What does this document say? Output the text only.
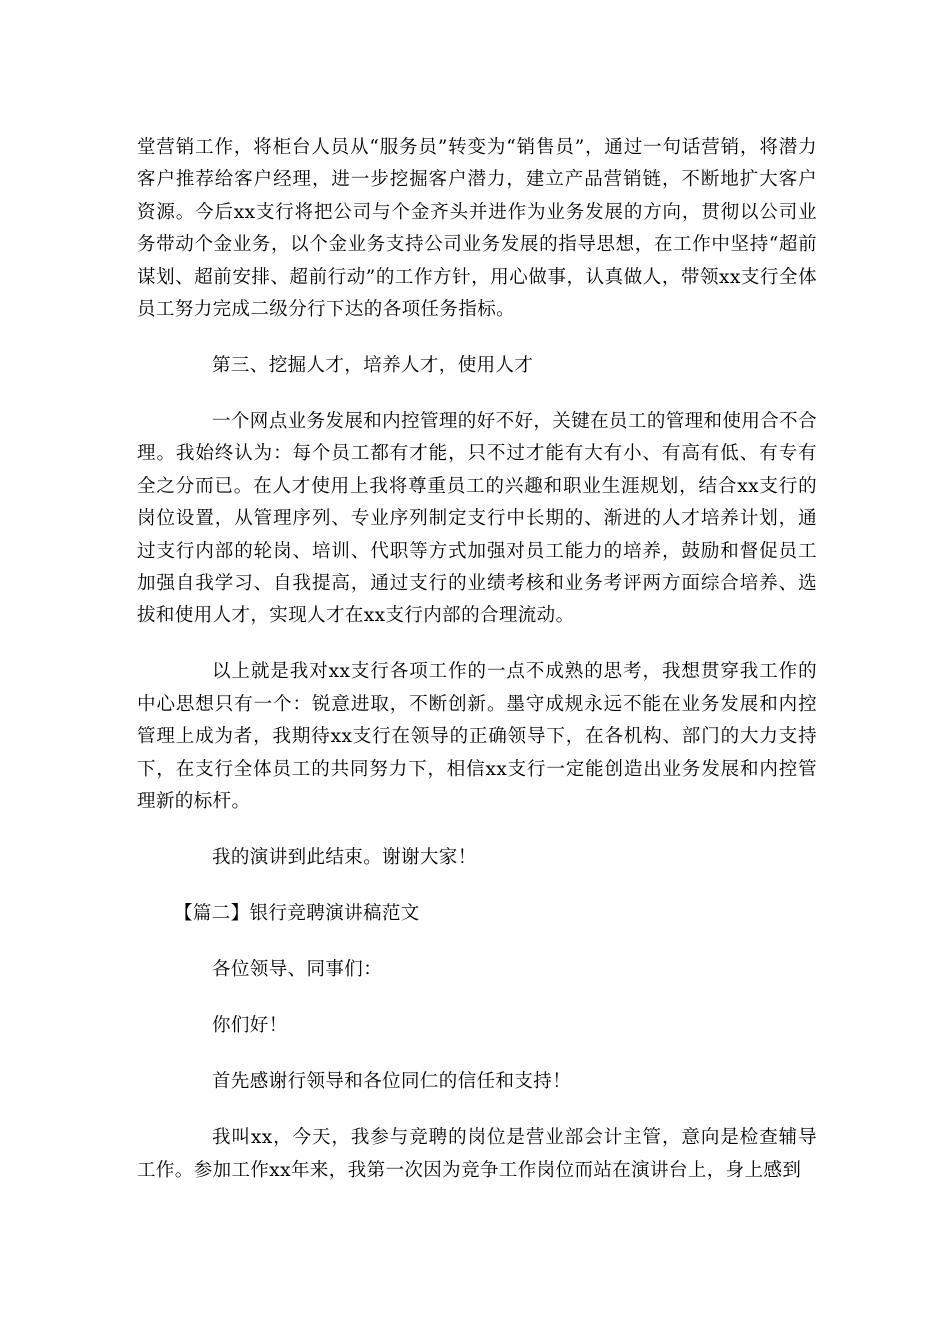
堂营销工作，将柜台人员从“服务员”转变为“销售员”，通过一句话营销，将潜力客户推荐给客户经理，进一步挖掘客户潜力，建立产品营销链，不断地扩大客户资源。今后xx支行将把公司与个金齐头并进作为业务发展的方向，贯彻以公司业务带动个金业务，以个金业务支持公司业务发展的指导思想，在工作中坚持“超前谋划、超前安排、超前行动”的工作方针，用心做事，认真做人，带领xx支行全体员工努力完成二级分行下达的各项任务指标。

第三、挖掘人才，培养人才，使用人才

一个网点业务发展和内控管理的好不好，关键在员工的管理和使用合不合理。我始终认为：每个员工都有才能，只不过才能有大有小、有高有低、有专有全之分而已。在人才使用上我将尊重员工的兴趣和职业生涯规划，结合xx支行的岗位设置，从管理序列、专业序列制定支行中长期的、渐进的人才培养计划，通过支行内部的轮岗、培训、代职等方式加强对员工能力的培养，鼓励和督促员工加强自我学习、自我提高，通过支行的业绩考核和业务考评两方面综合培养、选拔和使用人才，实现人才在xx支行内部的合理流动。

以上就是我对xx支行各项工作的一点不成熟的思考，我想贯穿我工作的中心思想只有一个：锐意进取，不断创新。墨守成规永远不能在业务发展和内控管理上成为者，我期待xx支行在领导的正确领导下，在各机构、部门的大力支持下，在支行全体员工的共同努力下，相信xx支行一定能创造出业务发展和内控管理新的标杆。

我的演讲到此结束。谢谢大家！

【篇二】银行竞聘演讲稿范文

各位领导、同事们：

你们好！

首先感谢行领导和各位同仁的信任和支持！

我叫xx，今天，我参与竞聘的岗位是营业部会计主管，意向是检查辅导工作。参加工作xx年来，我第一次因为竞争工作岗位而站在演讲台上，身上感到
